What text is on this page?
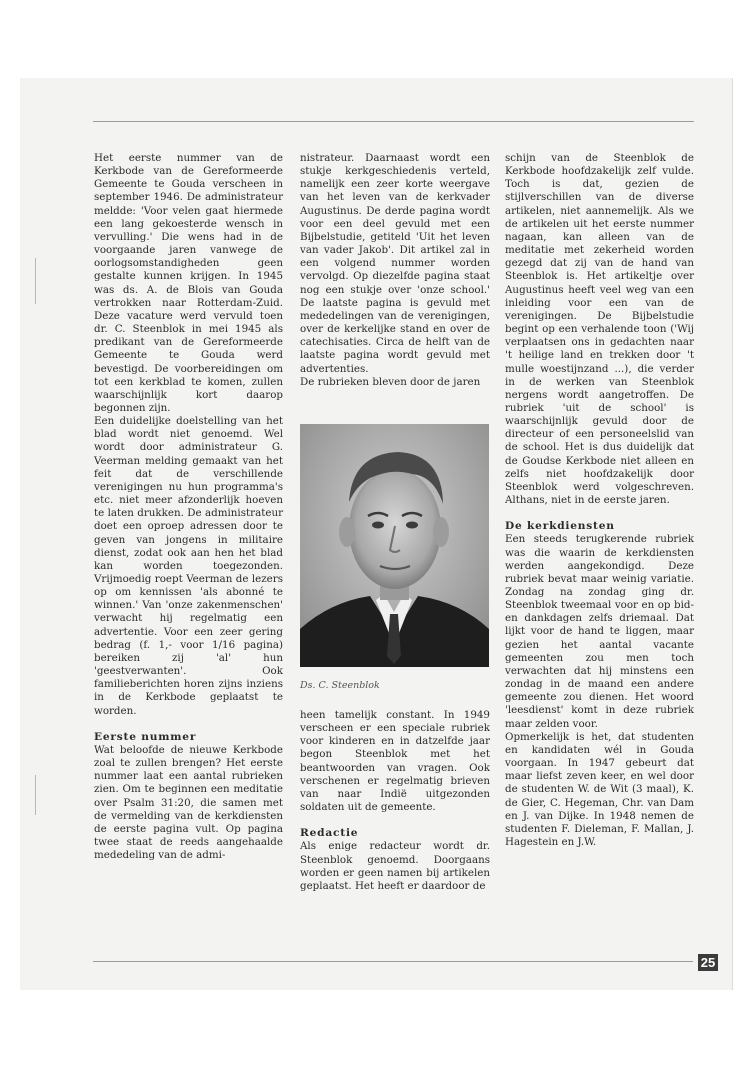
Het eerste nummer van de Kerkbode van de Gereformeerde Gemeente te Gouda verscheen in september 1946. De administrateur meldde: 'Voor velen gaat hiermede een lang gekoesterde wensch in vervulling.' Die wens had in de voorgaande jaren vanwege de oorlogsomstandigheden geen gestalte kunnen krijgen. In 1945 was ds. A. de Blois van Gouda vertrokken naar Rotterdam-Zuid. Deze vacature werd vervuld toen dr. C. Steenblok in mei 1945 als predikant van de Gereformeerde Gemeente te Gouda werd bevestigd. De voorbereidingen om tot een kerkblad te komen, zullen waarschijnlijk kort daarop begonnen zijn.

Een duidelijke doelstelling van het blad wordt niet genoemd. Wel wordt door administrateur G. Veerman melding gemaakt van het feit dat de verschillende verenigingen nu hun programma's etc. niet meer afzonderlijk hoeven te laten drukken. De administrateur doet een oproep adressen door te geven van jongens in militaire dienst, zodat ook aan hen het blad kan worden toegezonden. Vrijmoedig roept Veerman de lezers op om kennissen 'als abonné te winnen.' Van 'onze zakenmenschen' verwacht hij regelmatig een advertentie. Voor een zeer gering bedrag (f. 1,- voor 1/16 pagina) bereiken zij 'al' hun 'geestverwanten'. Ook familieberichten horen zijns inziens in de Kerkbode geplaatst te worden.

Eerste nummer

Wat beloofde de nieuwe Kerkbode zoal te zullen brengen? Het eerste nummer laat een aantal rubrieken zien. Om te beginnen een meditatie over Psalm 31:20, die samen met de vermelding van de kerkdiensten de eerste pagina vult. Op pagina twee staat de reeds aangehaalde mededeling van de admi-

nistrateur. Daarnaast wordt een stukje kerkgeschiedenis verteld, namelijk een zeer korte weergave van het leven van de kerkvader Augustinus. De derde pagina wordt voor een deel gevuld met een Bijbelstudie, getiteld 'Uit het leven van vader Jakob'. Dit artikel zal in een volgend nummer worden vervolgd. Op diezelfde pagina staat nog een stukje over 'onze school.' De laatste pagina is gevuld met mededelingen van de verenigingen, over de kerkelijke stand en over de catechisaties. Circa de helft van de laatste pagina wordt gevuld met advertenties.

De rubrieken bleven door de jaren

Ds. C. Steenblok

heen tamelijk constant. In 1949 verscheen er een speciale rubriek voor kinderen en in datzelfde jaar begon Steenblok met het beantwoorden van vragen. Ook verschenen er regelmatig brieven van naar Indië uitgezonden soldaten uit de gemeente.

Redactie

Als enige redacteur wordt dr. Steenblok genoemd. Doorgaans worden er geen namen bij artikelen geplaatst. Het heeft er daardoor de

schijn van de Steenblok de Kerkbode hoofdzakelijk zelf vulde. Toch is dat, gezien de stijlverschillen van de diverse artikelen, niet aannemelijk. Als we de artikelen uit het eerste nummer nagaan, kan alleen van de meditatie met zekerheid worden gezegd dat zij van de hand van Steenblok is. Het artikeltje over Augustinus heeft veel weg van een inleiding voor een van de verenigingen. De Bijbelstudie begint op een verhalende toon ('Wij verplaatsen ons in gedachten naar 't heilige land en trekken door 't mulle woestijnzand ...), die verder in de werken van Steenblok nergens wordt aangetroffen. De rubriek 'uit de school' is waarschijnlijk gevuld door de directeur of een personeelslid van de school. Het is dus duidelijk dat de Goudse Kerkbode niet alleen en zelfs niet hoofdzakelijk door Steenblok werd volgeschreven. Althans, niet in de eerste jaren.

De kerkdiensten

Een steeds terugkerende rubriek was die waarin de kerkdiensten werden aangekondigd. Deze rubriek bevat maar weinig variatie. Zondag na zondag ging dr. Steenblok tweemaal voor en op bid- en dankdagen zelfs driemaal. Dat lijkt voor de hand te liggen, maar gezien het aantal vacante gemeenten zou men toch verwachten dat hij minstens een zondag in de maand een andere gemeente zou dienen. Het woord 'leesdienst' komt in deze rubriek maar zelden voor.

Opmerkelijk is het, dat studenten en kandidaten wél in Gouda voorgaan. In 1947 gebeurt dat maar liefst zeven keer, en wel door de studenten W. de Wit (3 maal), K. de Gier, C. Hegeman, Chr. van Dam en J. van Dijke. In 1948 nemen de studenten F. Dieleman, F. Mallan, J. Hagestein en J.W.

25
